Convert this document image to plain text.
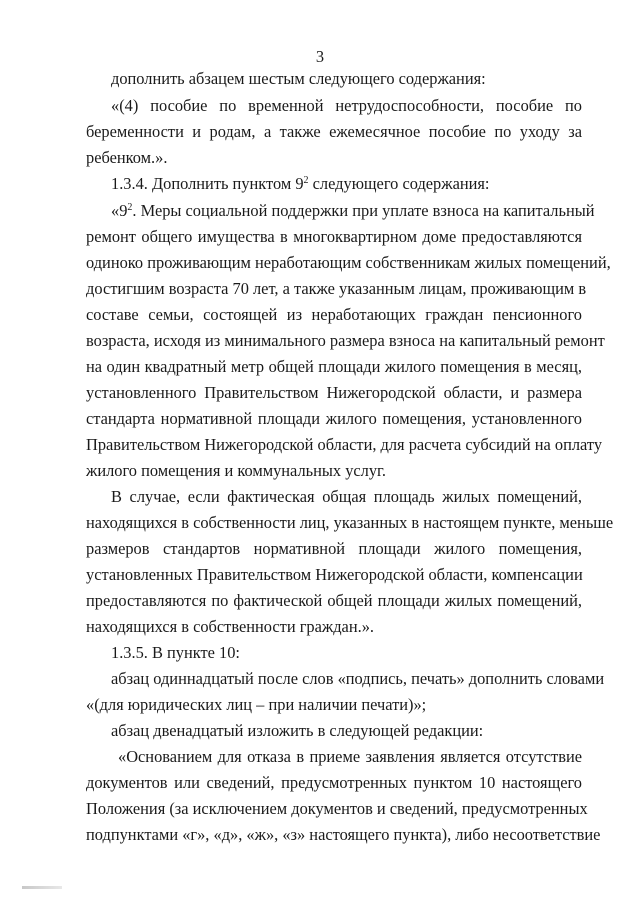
3
дополнить абзацем шестым следующего содержания:
«(4) пособие по временной нетрудоспособности, пособие по
беременности и родам, а также ежемесячное пособие по уходу за
ребенком.».
1.3.4. Дополнить пунктом $9^2$ следующего содержания:
«$9^2$. Меры социальной поддержки при уплате взноса на капитальный
ремонт общего имущества в многоквартирном доме предоставляются
одиноко проживающим неработающим собственникам жилых помещений,
достигшим возраста 70 лет, а также указанным лицам, проживающим в
составе семьи, состоящей из неработающих граждан пенсионного
возраста, исходя из минимального размера взноса на капитальный ремонт
на один квадратный метр общей площади жилого помещения в месяц,
установленного Правительством Нижегородской области, и размера
стандарта нормативной площади жилого помещения, установленного
Правительством Нижегородской области, для расчета субсидий на оплату
жилого помещения и коммунальных услуг.
В случае, если фактическая общая площадь жилых помещений,
находящихся в собственности лиц, указанных в настоящем пункте, меньше
размеров стандартов нормативной площади жилого помещения,
установленных Правительством Нижегородской области, компенсации
предоставляются по фактической общей площади жилых помещений,
находящихся в собственности граждан.».
1.3.5. В пункте 10:
абзац одиннадцатый после слов «подпись, печать» дополнить словами
«(для юридических лиц – при наличии печати)»;
абзац двенадцатый изложить в следующей редакции:
«Основанием для отказа в приеме заявления является отсутствие
документов или сведений, предусмотренных пунктом 10 настоящего
Положения (за исключением документов и сведений, предусмотренных
подпунктами «г», «д», «ж», «з» настоящего пункта), либо несоответствие
